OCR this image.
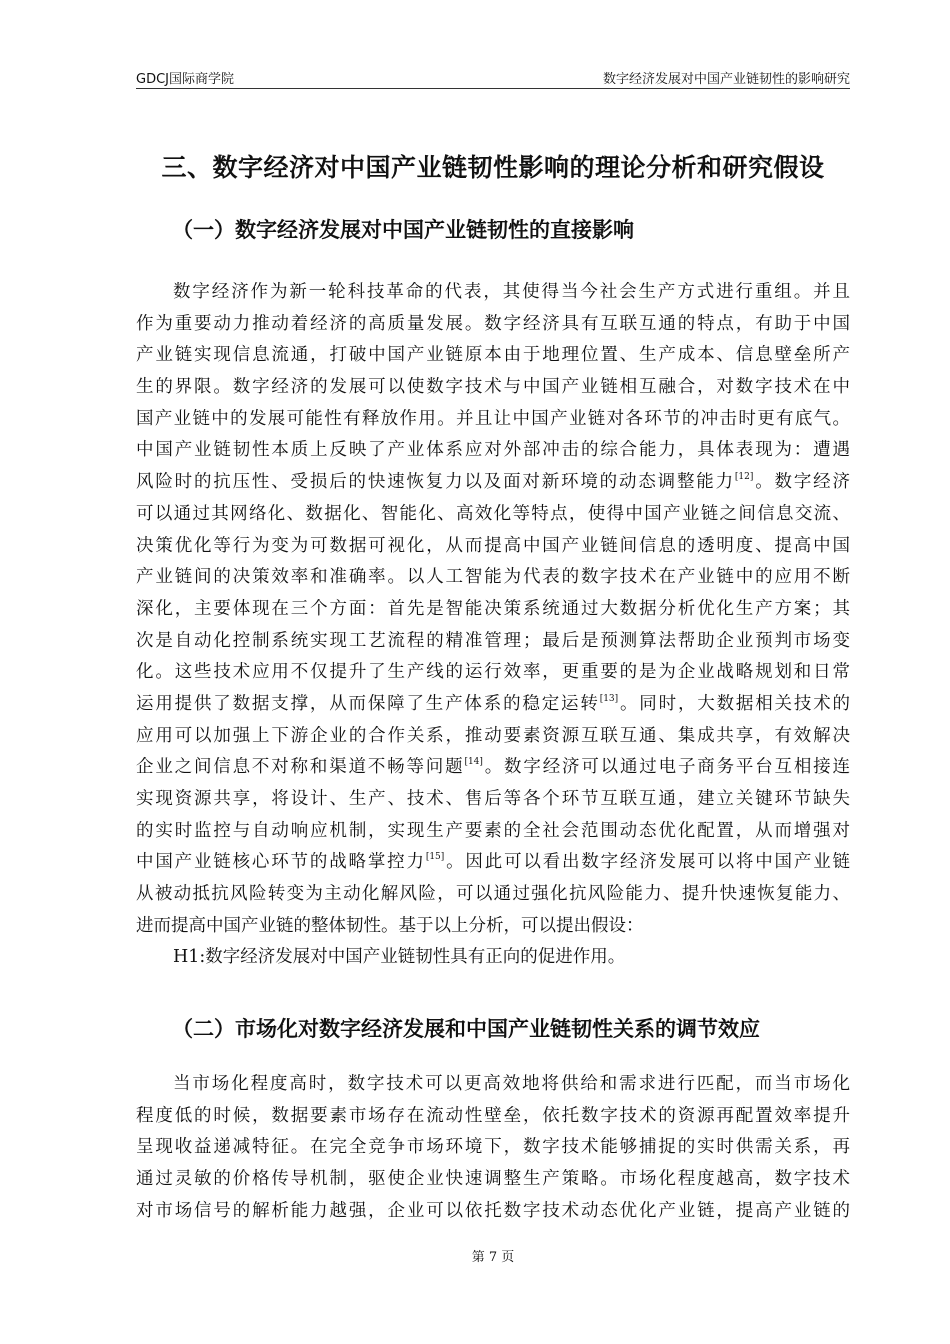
GDCJ国际商学院	数字经济发展对中国产业链韧性的影响研究
三、数字经济对中国产业链韧性影响的理论分析和研究假设
（一）数字经济发展对中国产业链韧性的直接影响
数字经济作为新一轮科技革命的代表，其使得当今社会生产方式进行重组。并且
作为重要动力推动着经济的高质量发展。数字经济具有互联互通的特点，有助于中国
产业链实现信息流通，打破中国产业链原本由于地理位置、生产成本、信息壁垒所产
生的界限。数字经济的发展可以使数字技术与中国产业链相互融合，对数字技术在中
国产业链中的发展可能性有释放作用。并且让中国产业链对各环节的冲击时更有底气。
中国产业链韧性本质上反映了产业体系应对外部冲击的综合能力，具体表现为：遭遇
风险时的抗压性、受损后的快速恢复力以及面对新环境的动态调整能力[12]。数字经济
可以通过其网络化、数据化、智能化、高效化等特点，使得中国产业链之间信息交流、
决策优化等行为变为可数据可视化，从而提高中国产业链间信息的透明度、提高中国
产业链间的决策效率和准确率。以人工智能为代表的数字技术在产业链中的应用不断
深化，主要体现在三个方面：首先是智能决策系统通过大数据分析优化生产方案；其
次是自动化控制系统实现工艺流程的精准管理；最后是预测算法帮助企业预判市场变
化。这些技术应用不仅提升了生产线的运行效率，更重要的是为企业战略规划和日常
运用提供了数据支撑，从而保障了生产体系的稳定运转[13]。同时，大数据相关技术的
应用可以加强上下游企业的合作关系，推动要素资源互联互通、集成共享，有效解决
企业之间信息不对称和渠道不畅等问题[14]。数字经济可以通过电子商务平台互相接连
实现资源共享，将设计、生产、技术、售后等各个环节互联互通，建立关键环节缺失
的实时监控与自动响应机制，实现生产要素的全社会范围动态优化配置，从而增强对
中国产业链核心环节的战略掌控力[15]。因此可以看出数字经济发展可以将中国产业链
从被动抵抗风险转变为主动化解风险，可以通过强化抗风险能力、提升快速恢复能力、
进而提高中国产业链的整体韧性。基于以上分析，可以提出假设：
H1:数字经济发展对中国产业链韧性具有正向的促进作用。
（二）市场化对数字经济发展和中国产业链韧性关系的调节效应
当市场化程度高时，数字技术可以更高效地将供给和需求进行匹配，而当市场化
程度低的时候，数据要素市场存在流动性壁垒，依托数字技术的资源再配置效率提升
呈现收益递减特征。在完全竞争市场环境下，数字技术能够捕捉的实时供需关系，再
通过灵敏的价格传导机制，驱使企业快速调整生产策略。市场化程度越高，数字技术
对市场信号的解析能力越强，企业可以依托数字技术动态优化产业链，提高产业链的
第 7 页
